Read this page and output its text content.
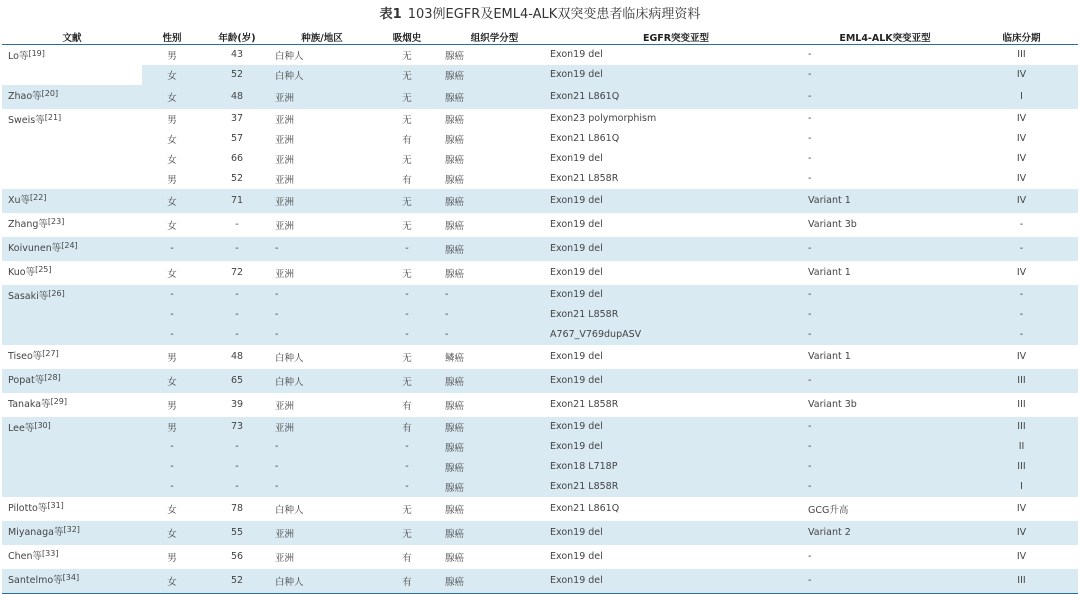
表1 103例EGFR及EML4-ALK双突变患者临床病理资料
文献	性别	年龄(岁)	种族/地区	吸烟史	组织学分型	EGFR突变亚型	EML4-ALK突变亚型	临床分期
Lo等[19]	男	43	白种人	无	腺癌	Exon19 del	-	III
	女	52	白种人	无	腺癌	Exon19 del	-	IV
Zhao等[20]	女	48	亚洲	无	腺癌	Exon21 L861Q	-	I
Sweis等[21]	男	37	亚洲	无	腺癌	Exon23 polymorphism	-	IV
	女	57	亚洲	有	腺癌	Exon21 L861Q	-	IV
	女	66	亚洲	无	腺癌	Exon19 del	-	IV
	男	52	亚洲	有	腺癌	Exon21 L858R	-	IV
Xu等[22]	女	71	亚洲	无	腺癌	Exon19 del	Variant 1	IV
Zhang等[23]	女	-	亚洲	无	腺癌	Exon19 del	Variant 3b	-
Koivunen等[24]	-	-	-	-	腺癌	Exon19 del	-	-
Kuo等[25]	女	72	亚洲	无	腺癌	Exon19 del	Variant 1	IV
Sasaki等[26]	-	-	-	-	-	Exon19 del	-	-
	-	-	-	-	-	Exon21 L858R	-	-
	-	-	-	-	-	A767_V769dupASV	-	-
Tiseo等[27]	男	48	白种人	无	鳞癌	Exon19 del	Variant 1	IV
Popat等[28]	女	65	白种人	无	腺癌	Exon19 del	-	III
Tanaka等[29]	男	39	亚洲	有	腺癌	Exon21 L858R	Variant 3b	III
Lee等[30]	男	73	亚洲	有	腺癌	Exon19 del	-	III
	-	-	-	-	腺癌	Exon19 del	-	II
	-	-	-	-	腺癌	Exon18 L718P	-	III
	-	-	-	-	腺癌	Exon21 L858R	-	I
Pilotto等[31]	女	78	白种人	无	腺癌	Exon21 L861Q	GCG升高	IV
Miyanaga等[32]	女	55	亚洲	无	腺癌	Exon19 del	Variant 2	IV
Chen等[33]	男	56	亚洲	有	腺癌	Exon19 del	-	IV
Santelmo等[34]	女	52	白种人	有	腺癌	Exon19 del	-	III
